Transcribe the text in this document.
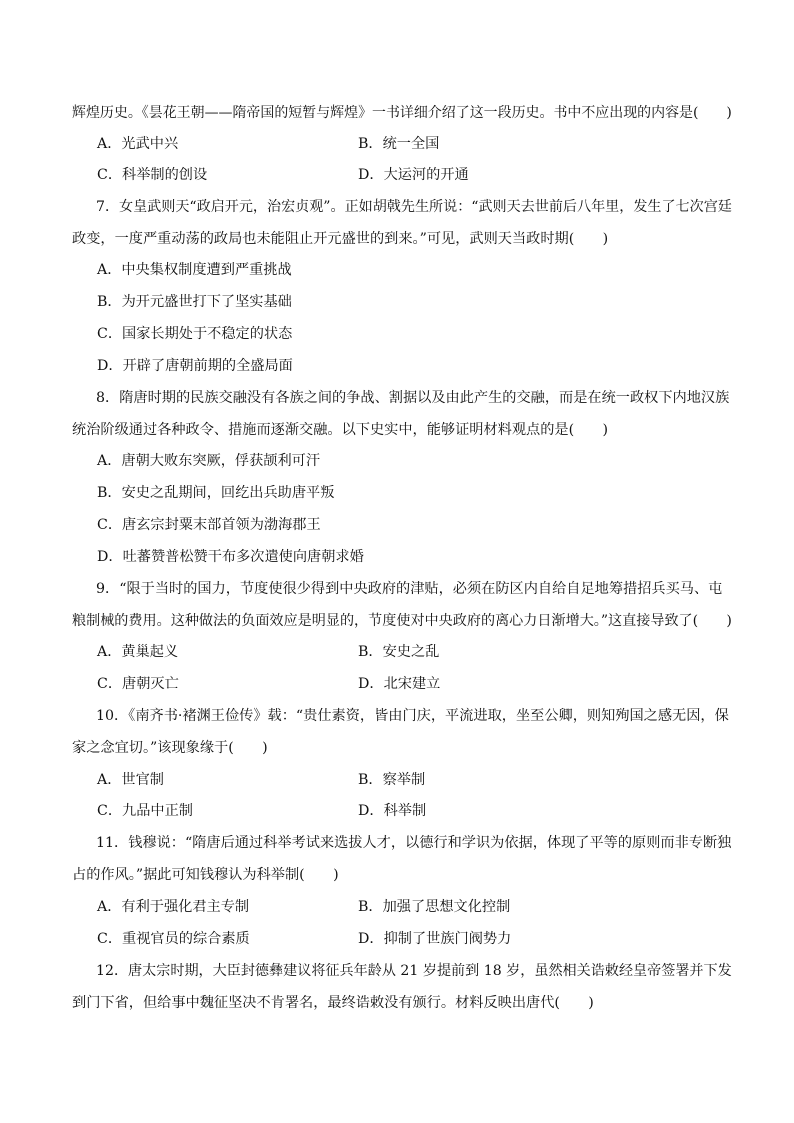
辉煌历史。《昙花王朝——隋帝国的短暂与辉煌》一书详细介绍了这一段历史。书中不应出现的内容是(　　)
A．光武中兴	B．统一全国
C．科举制的创设	D．大运河的开通
7．女皇武则天“政启开元，治宏贞观”。正如胡戟先生所说：“武则天去世前后八年里，发生了七次宫廷
政变，一度严重动荡的政局也未能阻止开元盛世的到来。”可见，武则天当政时期(　　)
A．中央集权制度遭到严重挑战
B．为开元盛世打下了坚实基础
C．国家长期处于不稳定的状态
D．开辟了唐朝前期的全盛局面
8．隋唐时期的民族交融没有各族之间的争战、割据以及由此产生的交融，而是在统一政权下内地汉族
统治阶级通过各种政令、措施而逐渐交融。以下史实中，能够证明材料观点的是(　　)
A．唐朝大败东突厥，俘获颉利可汗
B．安史之乱期间，回纥出兵助唐平叛
C．唐玄宗封粟末部首领为渤海郡王
D．吐蕃赞普松赞干布多次遣使向唐朝求婚
9．“限于当时的国力，节度使很少得到中央政府的津贴，必须在防区内自给自足地筹措招兵买马、屯
粮制械的费用。这种做法的负面效应是明显的，节度使对中央政府的离心力日渐增大。”这直接导致了(　　)
A．黄巢起义	B．安史之乱
C．唐朝灭亡	D．北宋建立
10．《南齐书·褚渊王俭传》载：“贵仕素资，皆由门庆，平流进取，坐至公卿，则知殉国之感无因，保
家之念宜切。”该现象缘于(　　)
A．世官制	B．察举制
C．九品中正制	D．科举制
11．钱穆说：“隋唐后通过科举考试来选拔人才，以德行和学识为依据，体现了平等的原则而非专断独
占的作风。”据此可知钱穆认为科举制(　　)
A．有利于强化君主专制	B．加强了思想文化控制
C．重视官员的综合素质	D．抑制了世族门阀势力
12．唐太宗时期，大臣封德彝建议将征兵年龄从 21 岁提前到 18 岁，虽然相关诰敕经皇帝签署并下发
到门下省，但给事中魏征坚决不肯署名，最终诰敕没有颁行。材料反映出唐代(　　)
